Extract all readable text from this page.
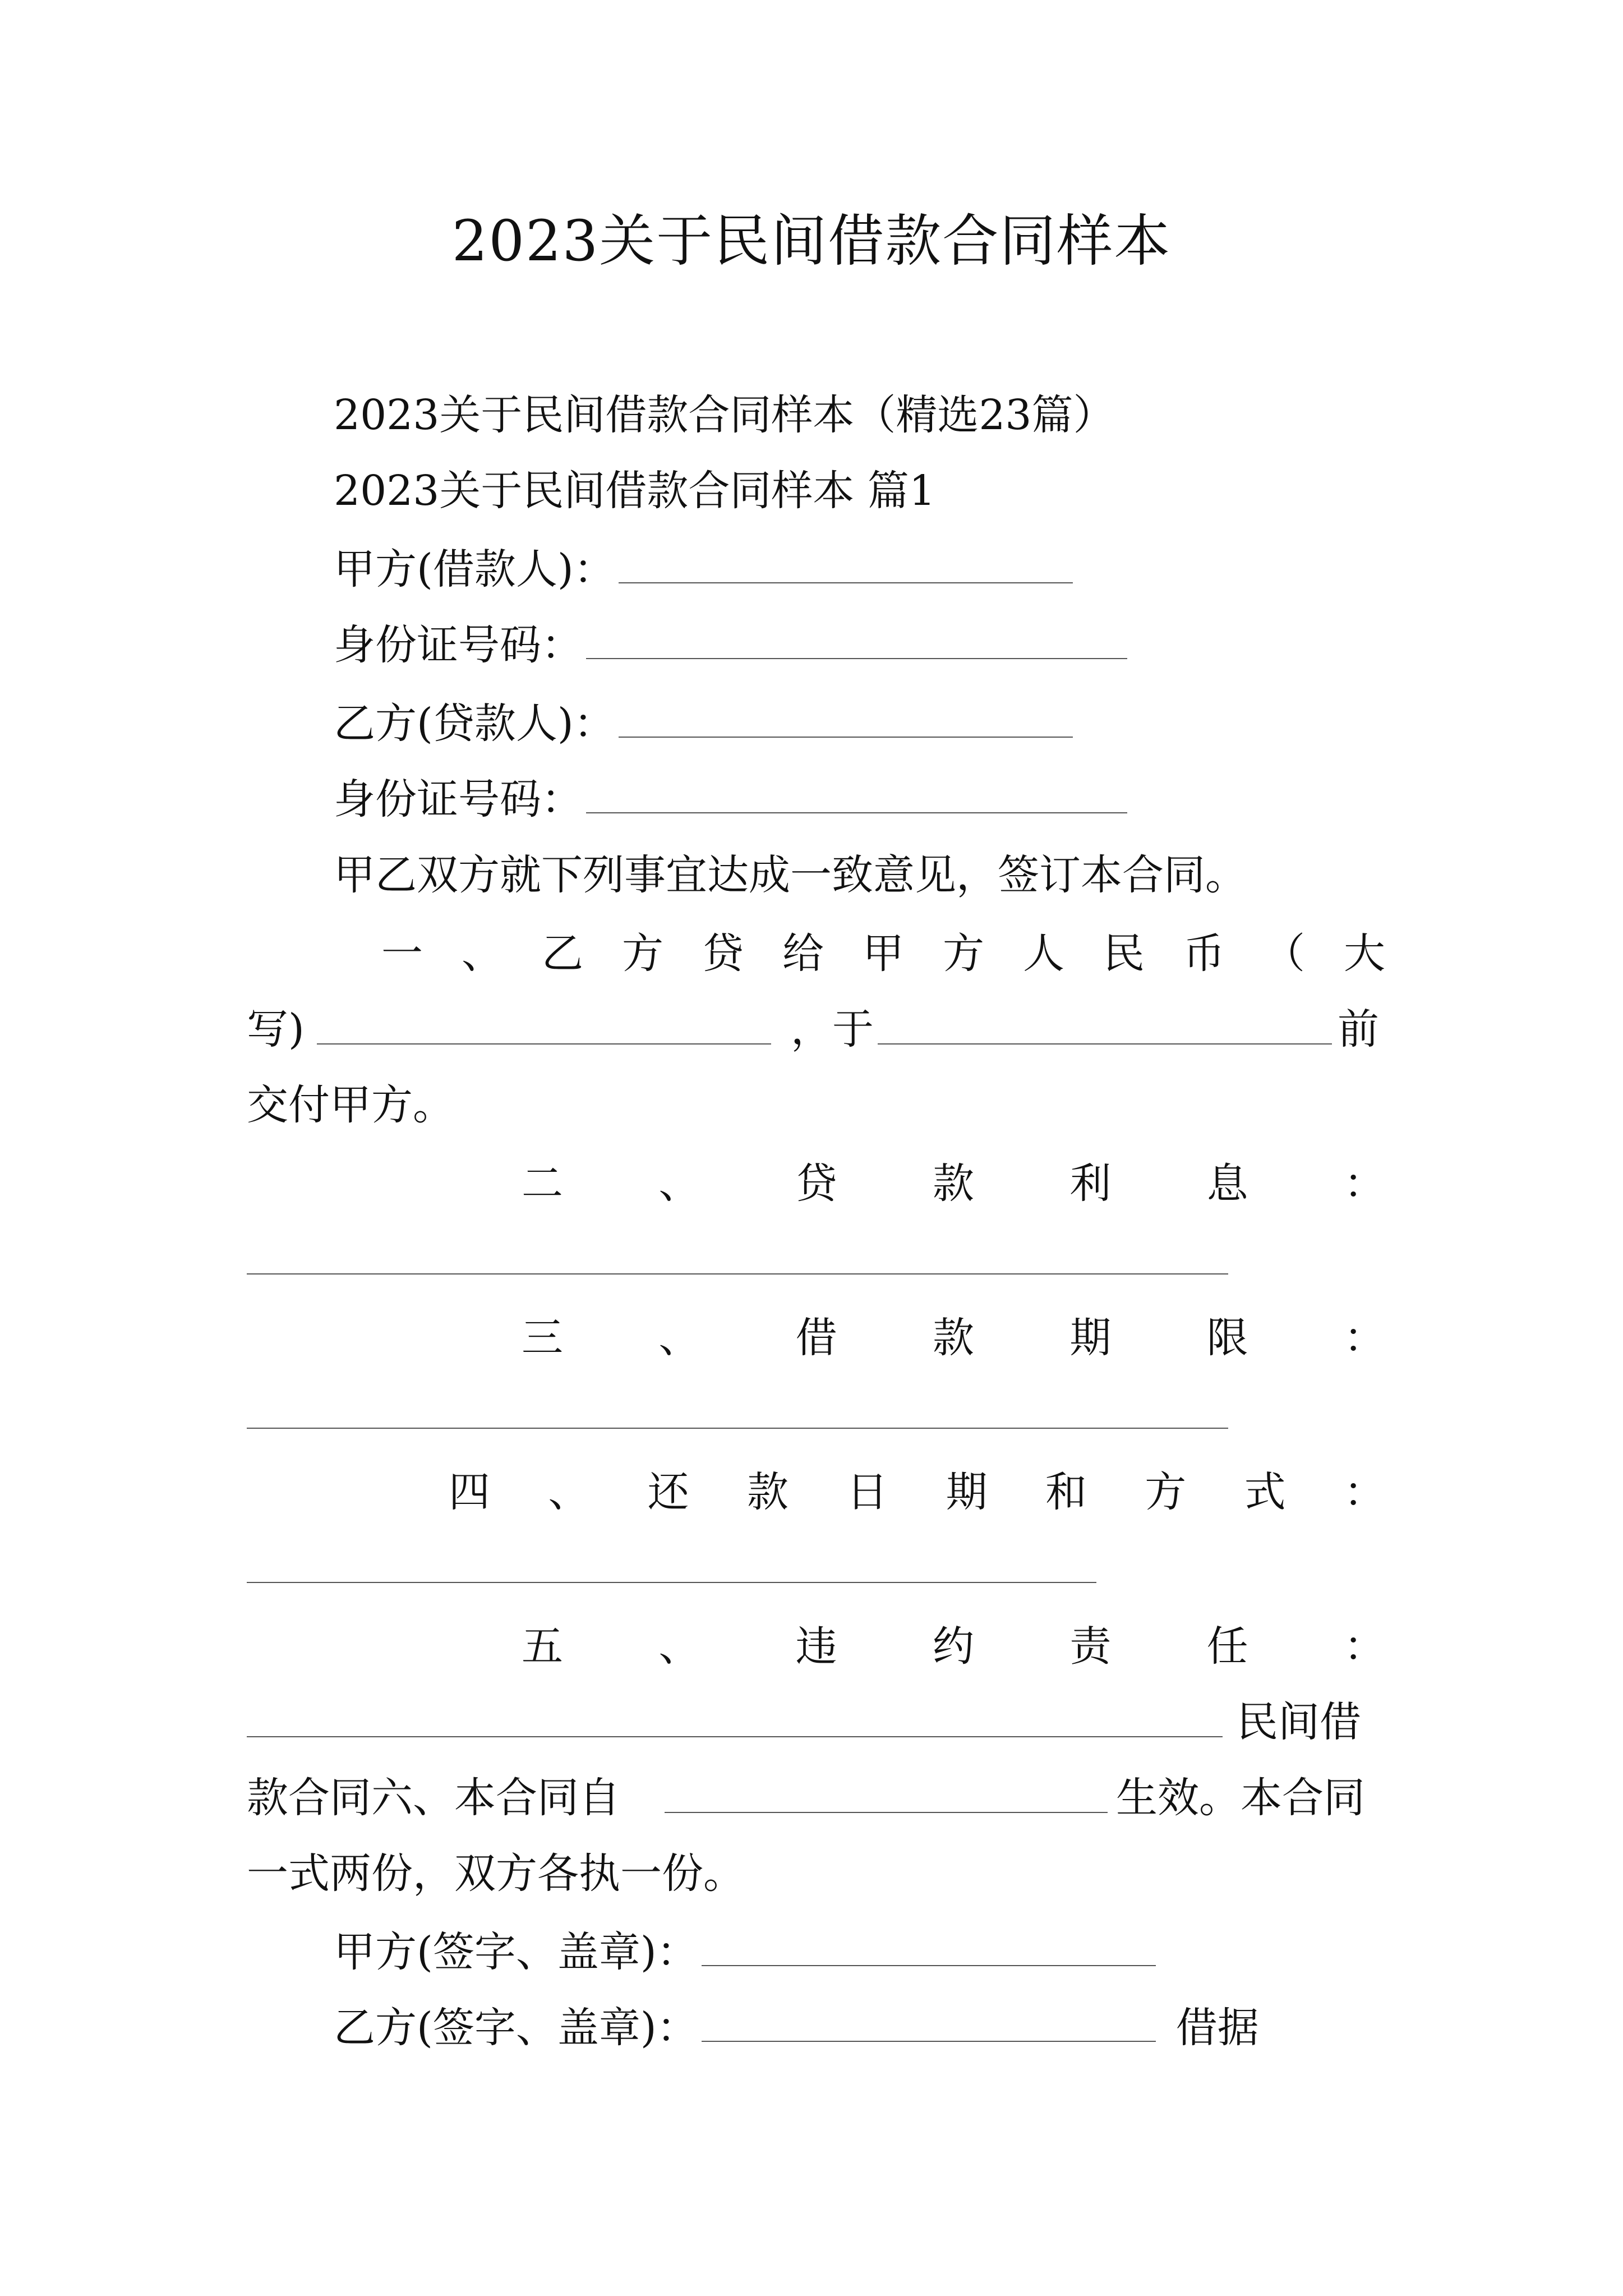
2023关于民间借款合同样本
2023关于民间借款合同样本（精选23篇）
2023关于民间借款合同样本 篇1
甲方(借款人)：
身份证号码：
乙方(贷款人)：
身份证号码：
甲乙双方就下列事宜达成一致意见，签订本合同。
一 、 乙 方 贷 给 甲 方 人 民 币 （ 大
写)	，于	前
交付甲方。
二 、 贷 款 利 息 ：
三 、 借 款 期 限 ：
四 、 还 款 日 期 和 方 式 ：
五 、 违 约 责 任 ：
民间借
款合同六、本合同自	生效。本合同
一式两份，双方各执一份。
甲方(签字、盖章)：
乙方(签字、盖章)：	借据
